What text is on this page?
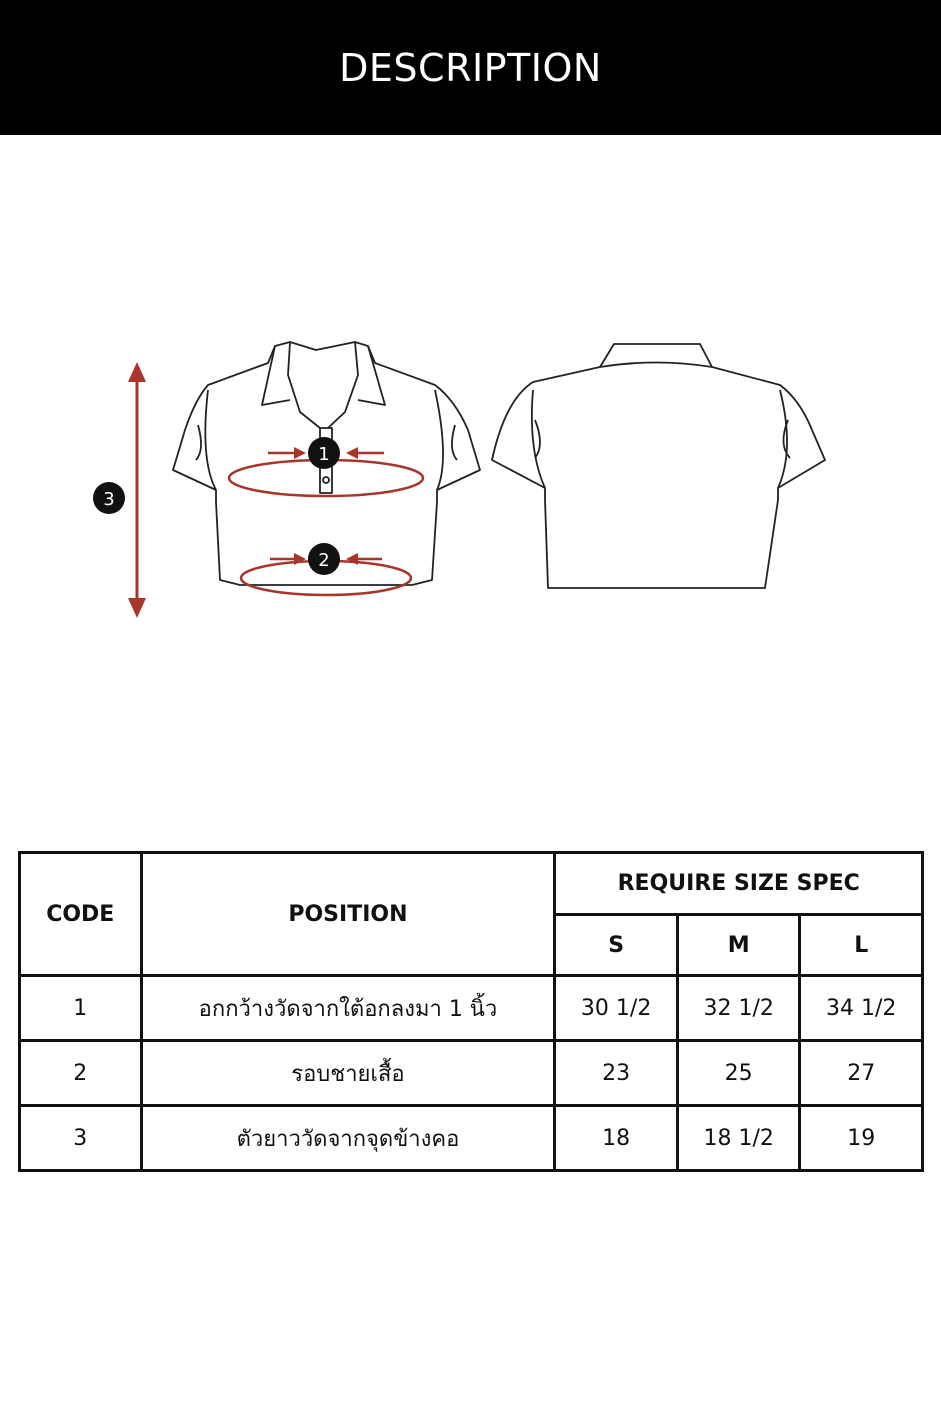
DESCRIPTION
3
1
2
CODE	POSITION	REQUIRE SIZE SPEC		
		S	M	L
1	อกกว้างวัดจากใต้อกลงมา 1 นิ้ว	30 1/2	32 1/2	34 1/2
2	รอบชายเสื้อ	23	25	27
3	ตัวยาววัดจากจุดข้างคอ	18	18 1/2	19
